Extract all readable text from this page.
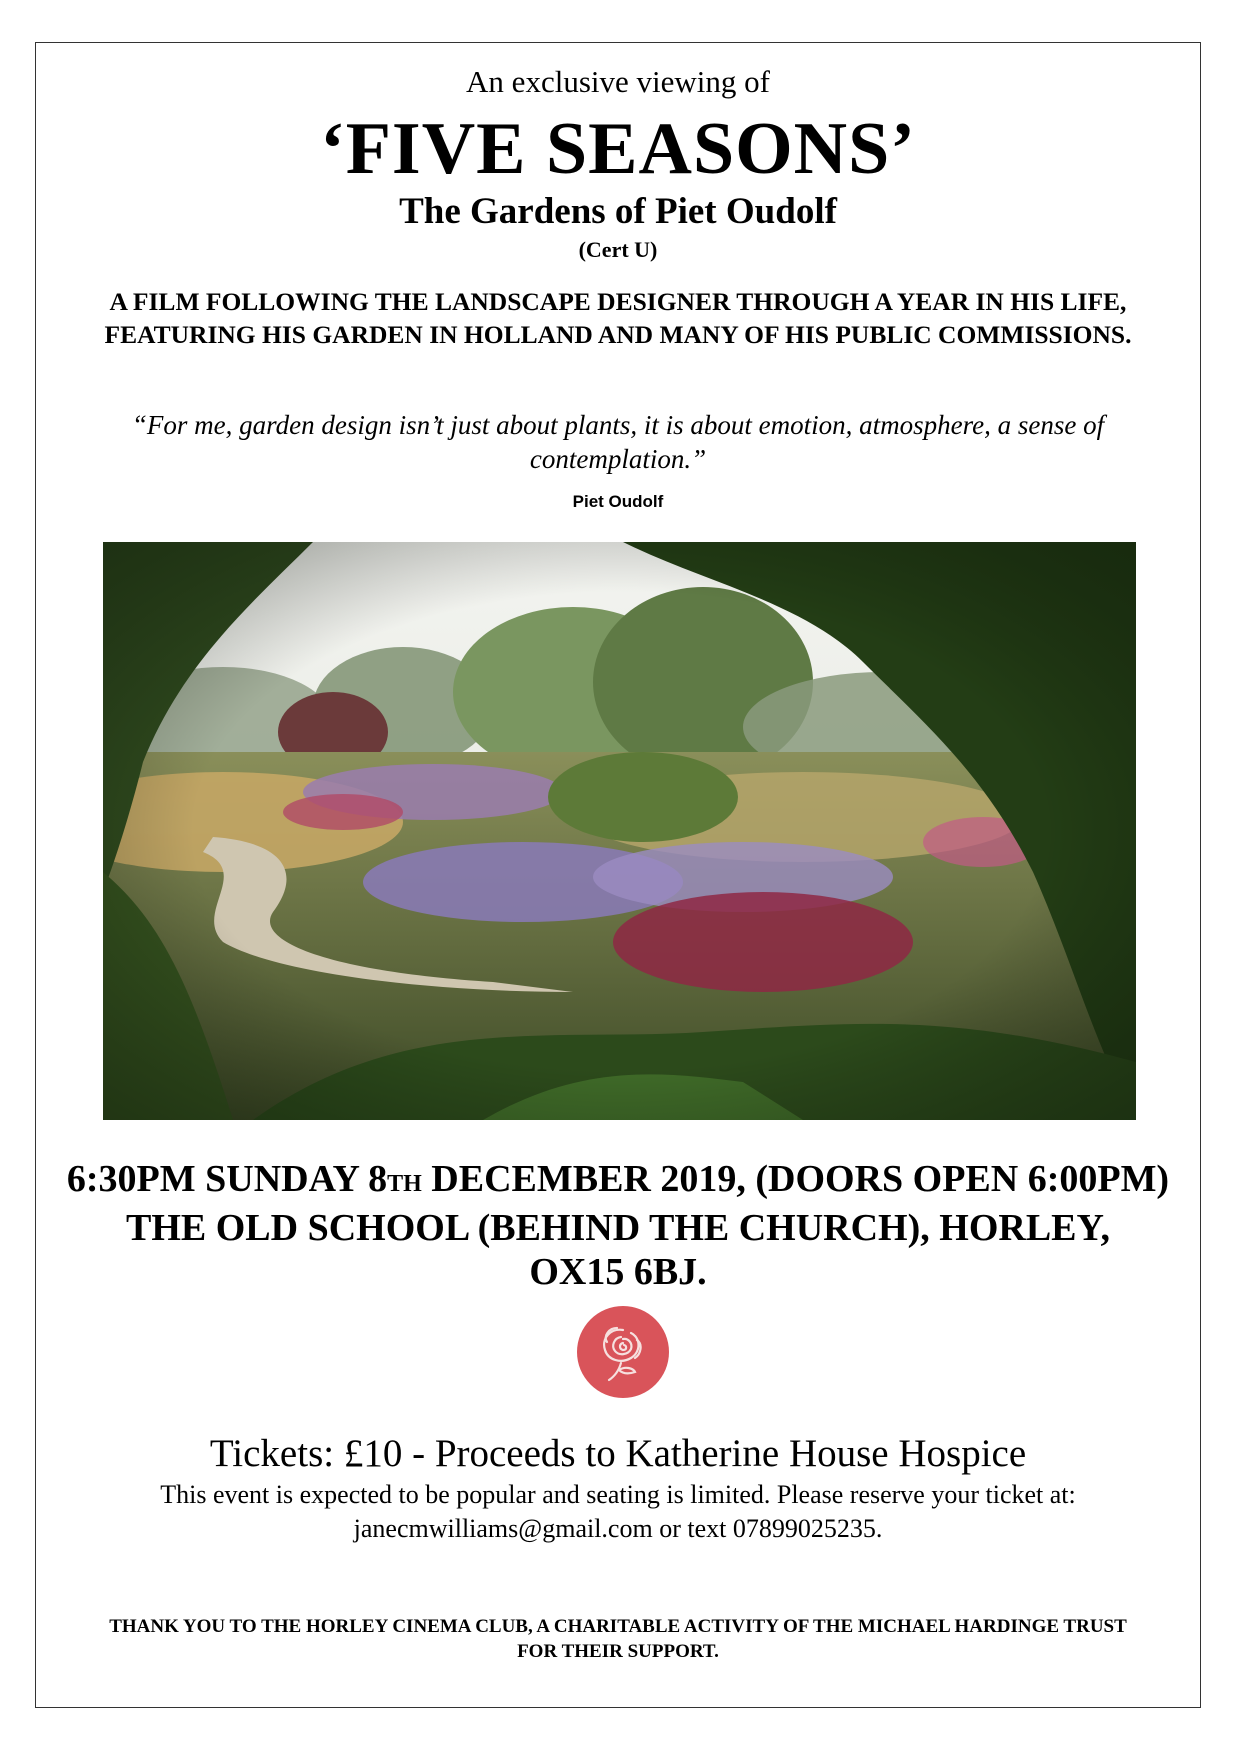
An exclusive viewing of
‘FIVE SEASONS’
The Gardens of Piet Oudolf
(Cert U)
A FILM FOLLOWING THE LANDSCAPE DESIGNER THROUGH A YEAR IN HIS LIFE, FEATURING HIS GARDEN IN HOLLAND AND MANY OF HIS PUBLIC COMMISSIONS.
“For me, garden design isn’t just about plants, it is about emotion, atmosphere, a sense of contemplation.”
Piet Oudolf
6:30PM SUNDAY 8TH DECEMBER 2019, (DOORS OPEN 6:00PM)
THE OLD SCHOOL (BEHIND THE CHURCH), HORLEY,
OX15 6BJ.
Tickets: £10 - Proceeds to Katherine House Hospice
This event is expected to be popular and seating is limited. Please reserve your ticket at:
janecmwilliams@gmail.com or text 07899025235.
THANK YOU TO THE HORLEY CINEMA CLUB, A CHARITABLE ACTIVITY OF THE MICHAEL HARDINGE TRUST
FOR THEIR SUPPORT.
